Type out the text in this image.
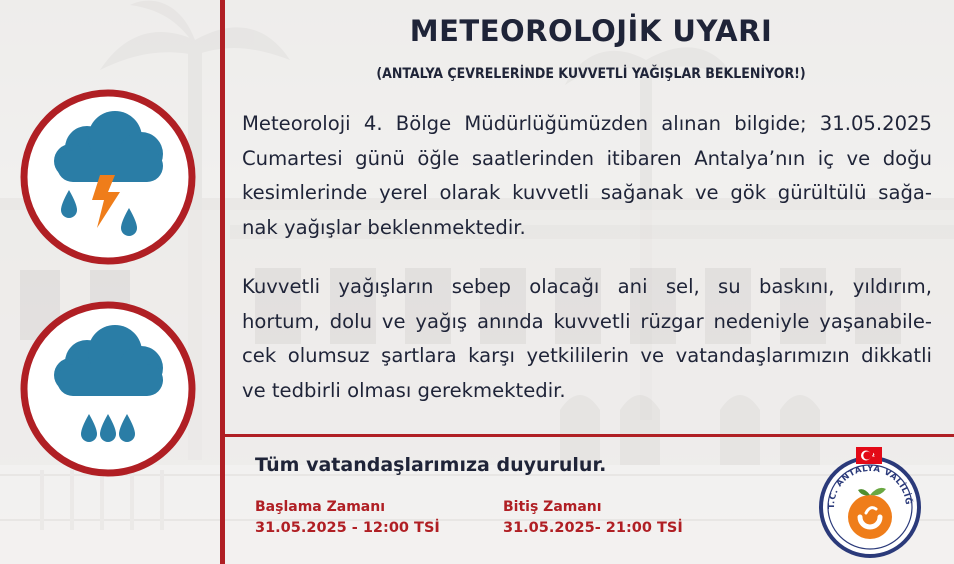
METEOROLOJİK UYARI
(ANTALYA ÇEVRELERİNDE KUVVETLİ YAĞIŞLAR BEKLENİYOR!)

Meteoroloji 4. Bölge Müdürlüğümüzden alınan bilgide; 31.05.2025
Cumartesi günü öğle saatlerinden itibaren Antalya’nın iç ve doğu
kesimlerinde yerel olarak kuvvetli sağanak ve gök gürültülü sağa-
nak yağışlar beklenmektedir.

Kuvvetli yağışların sebep olacağı ani sel, su baskını, yıldırım,
hortum, dolu ve yağış anında kuvvetli rüzgar nedeniyle yaşanabile-
cek olumsuz şartlara karşı yetkililerin ve vatandaşlarımızın dikkatli
ve tedbirli olması gerekmektedir.

Tüm vatandaşlarımıza duyurulur.
Başlama Zamanı
31.05.2025 - 12:00 TSİ
Bitiş Zamanı
31.05.2025- 21:00 TSİ
T.C. ANTALYA VALİLİĞ
